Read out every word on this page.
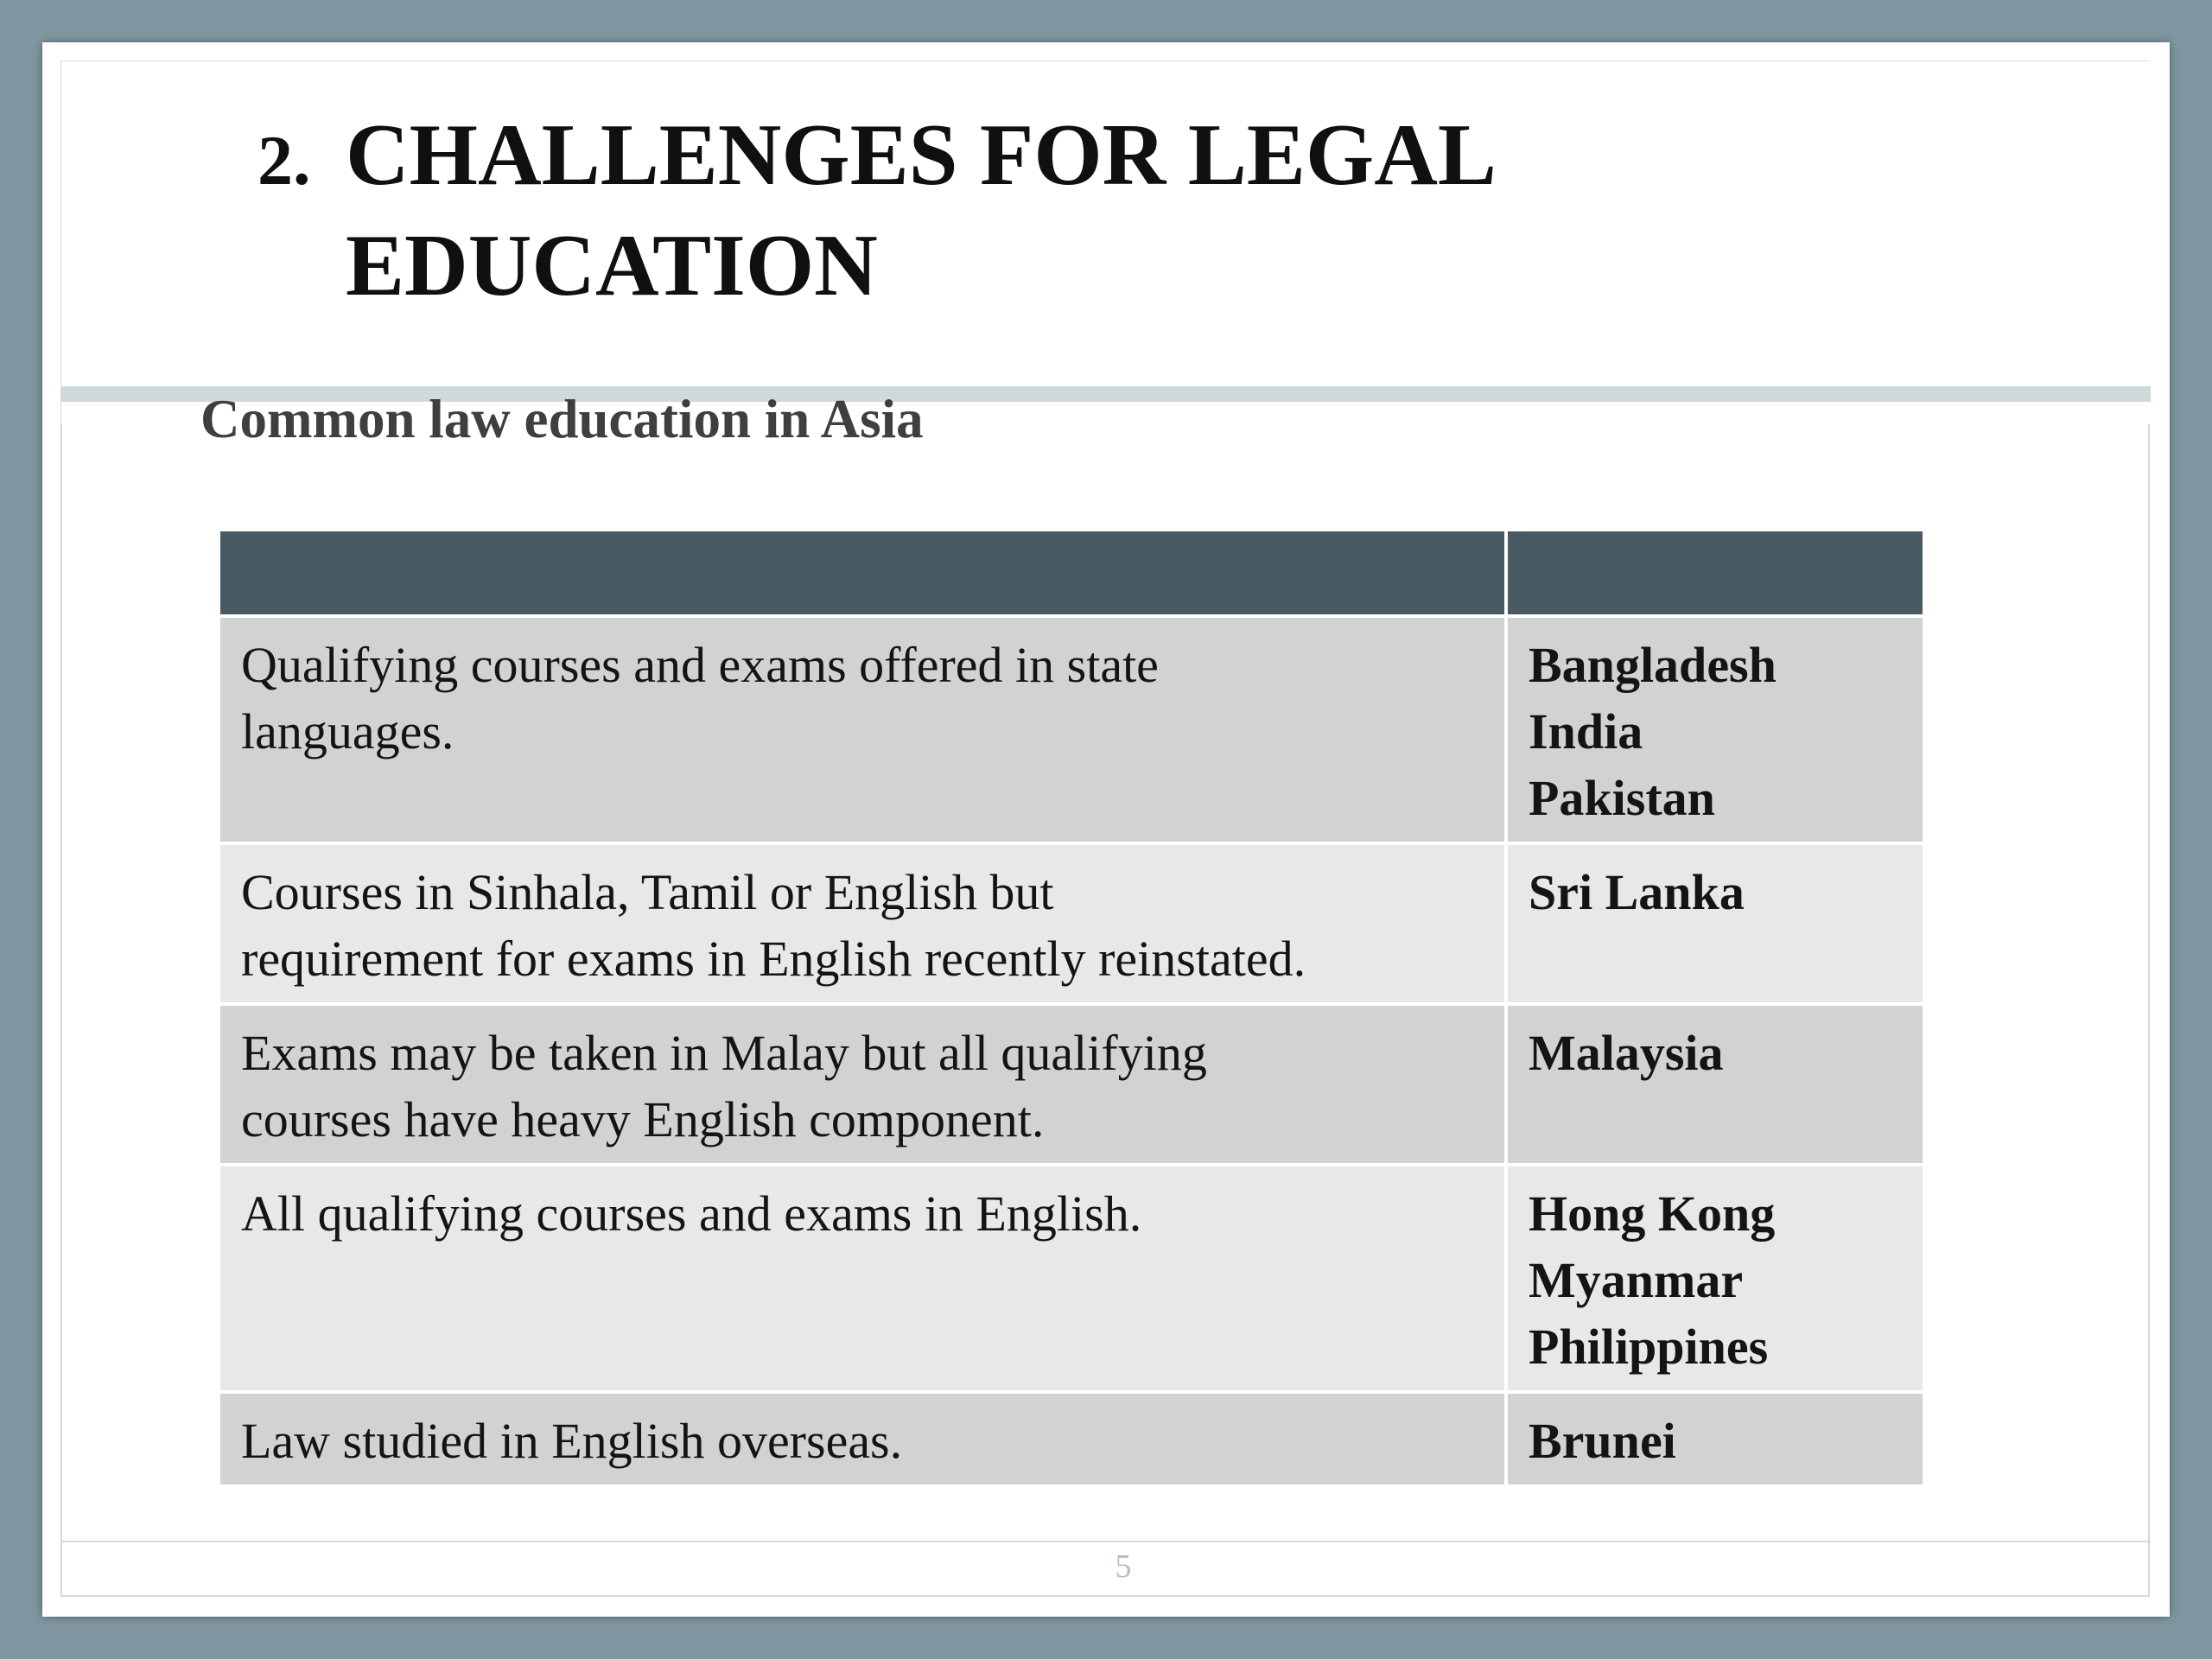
2. CHALLENGES FOR LEGAL
EDUCATION
Common law education in Asia

Qualifying courses and exams offered in state
languages.	Bangladesh
India
Pakistan

Courses in Sinhala, Tamil or English but
requirement for exams in English recently reinstated.	Sri Lanka

Exams may be taken in Malay but all qualifying
courses have heavy English component.	Malaysia

All qualifying courses and exams in English.	Hong Kong
Myanmar
Philippines

Law studied in English overseas.	Brunei
5
